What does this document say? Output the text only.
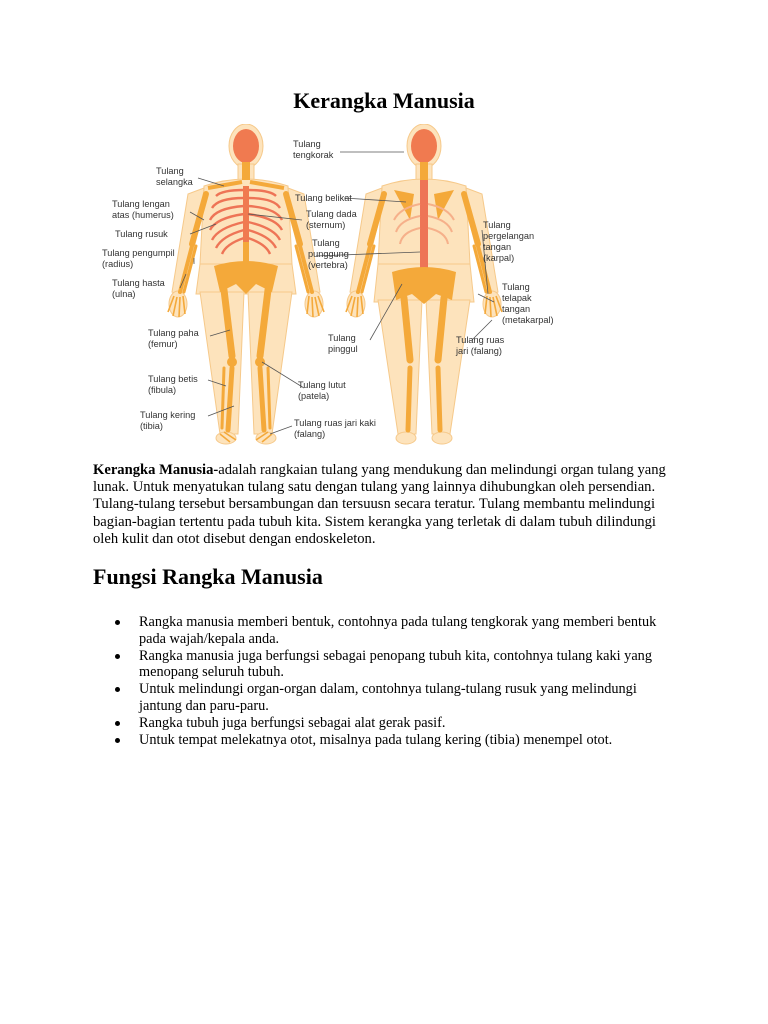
Kerangka Manusia
Tulang tengkorak
Tulang selangka
Tulang belikat
Tulang lengan atas (humerus)	Tulang dada (sternum)
Tulang rusuk
Tulang punggung (vertebra)
Tulang pergelangan tangan (karpal)
Tulang pengumpil (radius)
Tulang hasta (ulna)
Tulang telapak tangan (metakarpal)
Tulang paha (femur)
Tulang pinggul
Tulang ruas jari (falang)
Tulang betis (fibula)	Tulang lutut (patela)
Tulang kering (tibia)	Tulang ruas jari kaki (falang)

Kerangka Manusia-adalah rangkaian tulang yang mendukung dan melindungi organ tulang yang lunak. Untuk menyatukan tulang satu dengan tulang yang lainnya dihubungkan oleh persendian. Tulang-tulang tersebut bersambungan dan tersuusn secara teratur. Tulang membantu melindungi bagian-bagian tertentu pada tubuh kita. Sistem kerangka yang terletak di dalam tubuh dilindungi oleh kulit dan otot disebut dengan endoskeleton.

Fungsi Rangka Manusia
Rangka manusia memberi bentuk, contohnya pada tulang tengkorak yang memberi bentuk pada wajah/kepala anda.
Rangka manusia juga berfungsi sebagai penopang tubuh kita, contohnya tulang kaki yang menopang seluruh tubuh.
Untuk melindungi organ-organ dalam, contohnya tulang-tulang rusuk yang melindungi jantung dan paru-paru.
Rangka tubuh juga berfungsi sebagai alat gerak pasif.
Untuk tempat melekatnya otot, misalnya pada tulang kering (tibia) menempel otot.
